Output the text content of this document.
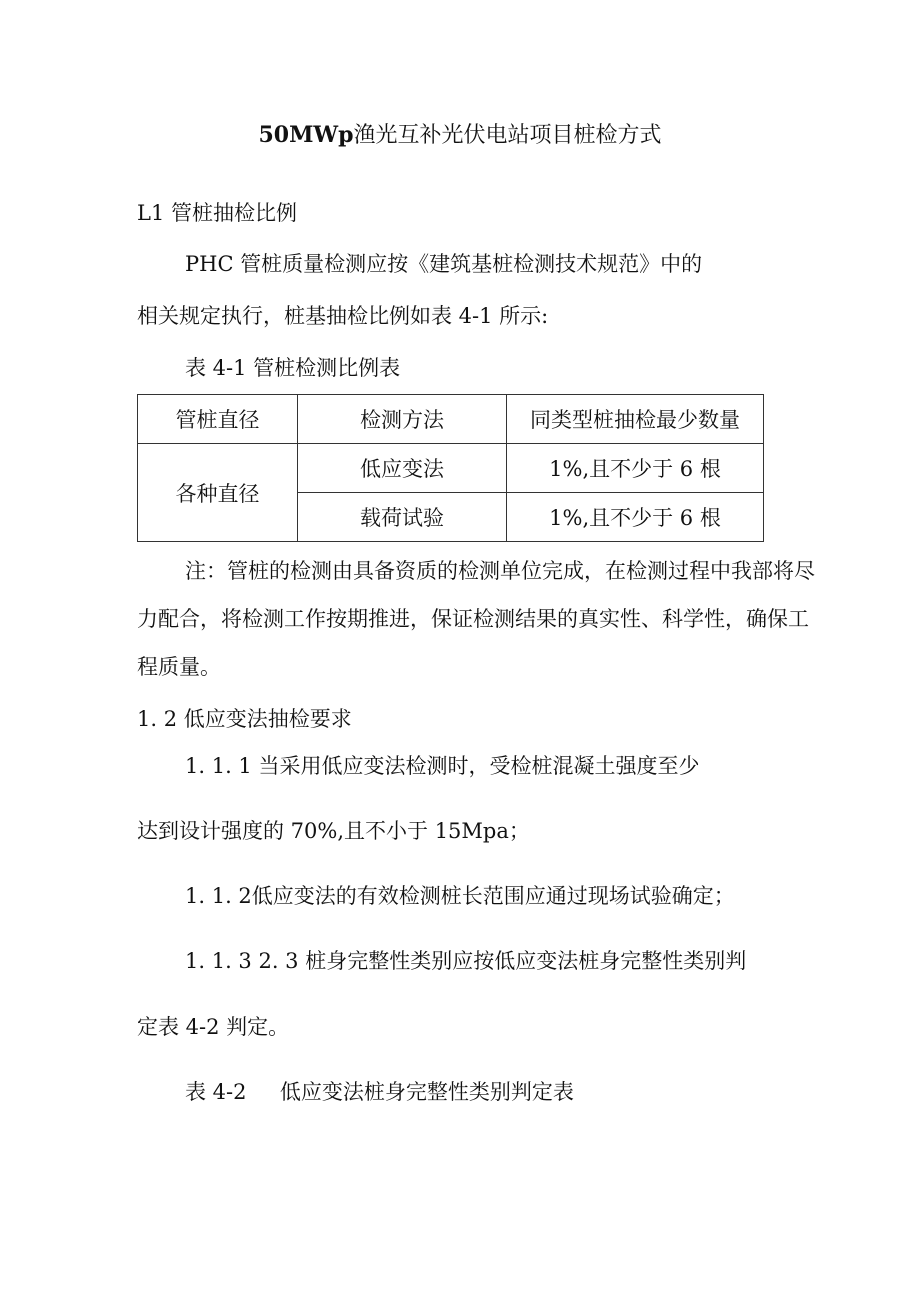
50MWp渔光互补光伏电站项目桩检方式
L1 管桩抽检比例
PHC 管桩质量检测应按《建筑基桩检测技术规范》中的
相关规定执行，桩基抽检比例如表 4-1 所示:
表 4-1 管桩检测比例表
管桩直径	检测方法	同类型桩抽检最少数量
各种直径	低应变法	1%,且不少于 6 根
	载荷试验	1%,且不少于 6 根
注：管桩的检测由具备资质的检测单位完成，在检测过程中我部将尽
力配合，将检测工作按期推进，保证检测结果的真实性、科学性，确保工
程质量。
1. 2 低应变法抽检要求
1. 1. 1 当采用低应变法检测时，受检桩混凝土强度至少
达到设计强度的 70%,且不小于 15Mpa；
1. 1. 2低应变法的有效检测桩长范围应通过现场试验确定；
1. 1. 3 2. 3 桩身完整性类别应按低应变法桩身完整性类别判
定表 4-2 判定。
表 4-2     低应变法桩身完整性类别判定表
